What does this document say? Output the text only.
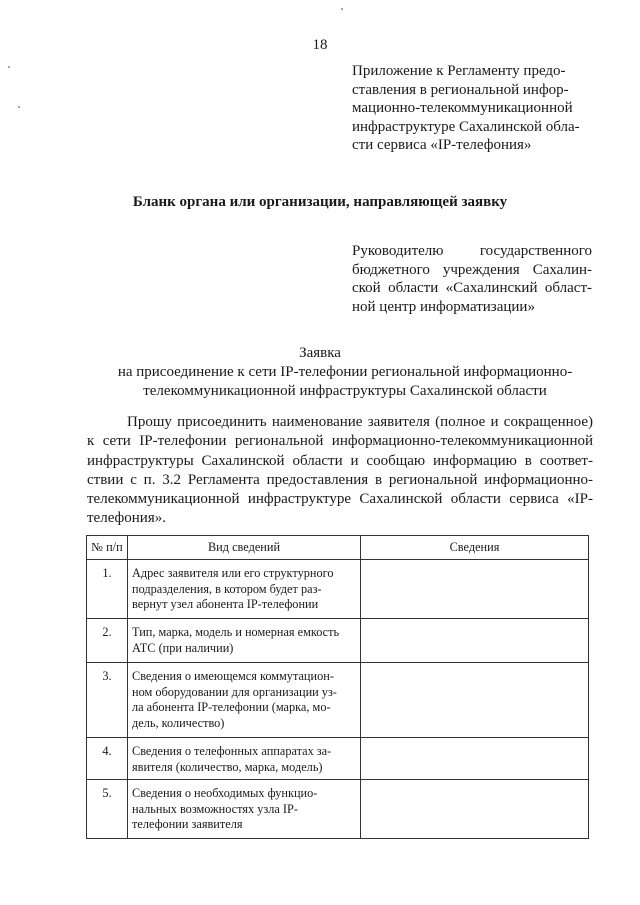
18
Приложение к Регламенту предо-
ставления в региональной инфор-
мационно-телекоммуникационной
инфраструктуре Сахалинской обла-
сти сервиса «IP-телефония»
Бланк органа или организации, направляющей заявку
Руководителю государственного
бюджетного учреждения Сахалин-
ской области «Сахалинский област-
ной центр информатизации»
Заявка
на присоединение к сети IP-телефонии региональной информационно-
телекоммуникационной инфраструктуры Сахалинской области
Прошу присоединить наименование заявителя (полное и сокращенное)
к сети IP-телефонии региональной информационно-телекоммуникационной
инфраструктуры Сахалинской области и сообщаю информацию в соответ-
ствии с п. 3.2 Регламента предоставления в региональной информационно-
телекоммуникационной инфраструктуре Сахалинской области сервиса «IP-
телефония».
№ п/п	Вид сведений	Сведения
1.	Адрес заявителя или его структурного
подразделения, в котором будет раз-
вернут узел абонента IP-телефонии	

2.	Тип, марка, модель и номерная емкость
АТС (при наличии)	

3.	Сведения о имеющемся коммутацион-
ном оборудовании для организации уз-
ла абонента IP-телефонии (марка, мо-
дель, количество)	

4.	Сведения о телефонных аппаратах за-
явителя (количество, марка, модель)	

5.	Сведения о необходимых функцио-
нальных возможностях узла IP-
телефонии заявителя	
